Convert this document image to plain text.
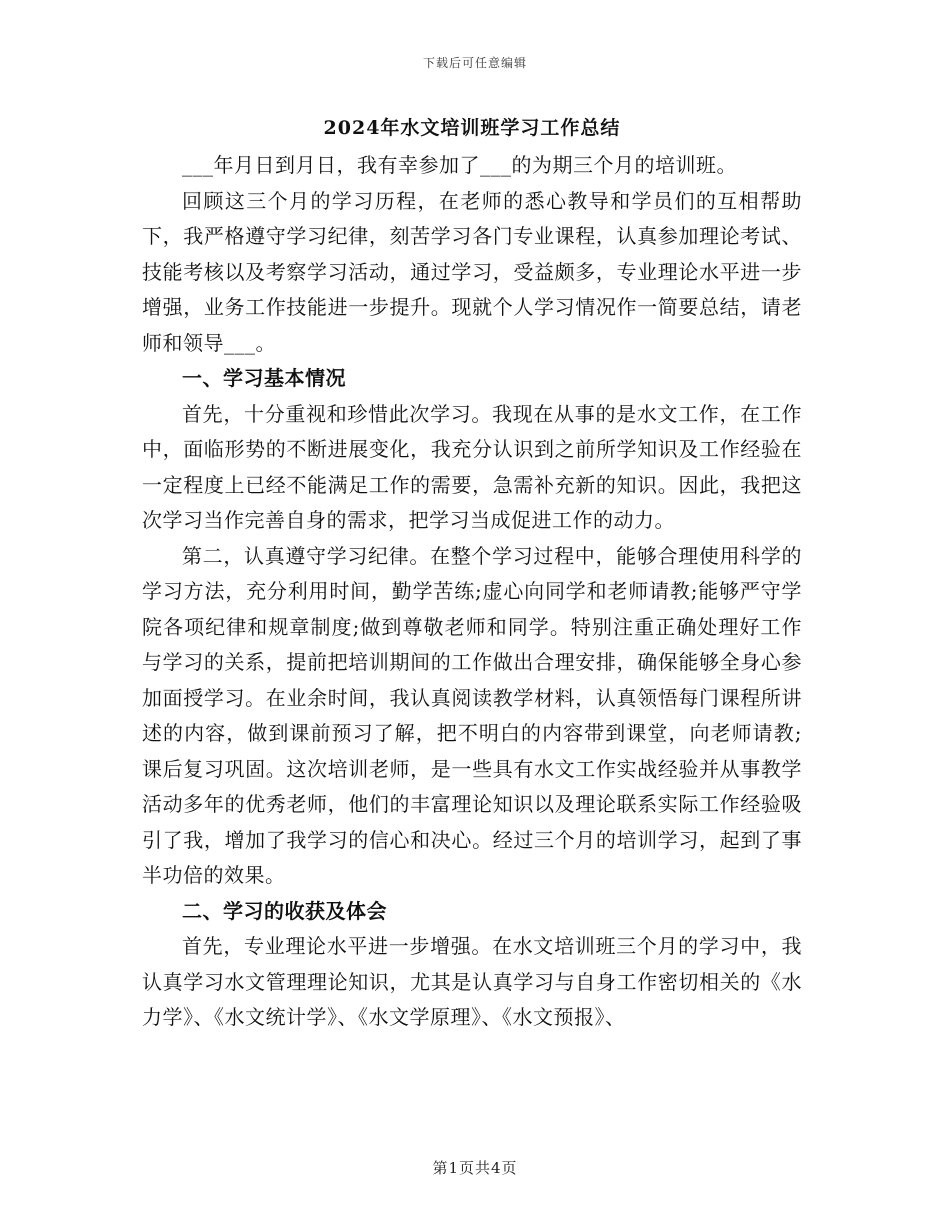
下载后可任意编辑
2024年水文培训班学习工作总结

___年月日到月日，我有幸参加了___的为期三个月的培训班。

回顾这三个月的学习历程，在老师的悉心教导和学员们的互相帮助下，我严格遵守学习纪律，刻苦学习各门专业课程，认真参加理论考试、技能考核以及考察学习活动，通过学习，受益颇多，专业理论水平进一步增强，业务工作技能进一步提升。现就个人学习情况作一简要总结，请老师和领导___。

一、学习基本情况

首先，十分重视和珍惜此次学习。我现在从事的是水文工作，在工作中，面临形势的不断进展变化，我充分认识到之前所学知识及工作经验在一定程度上已经不能满足工作的需要，急需补充新的知识。因此，我把这次学习当作完善自身的需求，把学习当成促进工作的动力。

第二，认真遵守学习纪律。在整个学习过程中，能够合理使用科学的学习方法，充分利用时间，勤学苦练;虚心向同学和老师请教;能够严守学院各项纪律和规章制度;做到尊敬老师和同学。特别注重正确处理好工作与学习的关系，提前把培训期间的工作做出合理安排，确保能够全身心参加面授学习。在业余时间，我认真阅读教学材料，认真领悟每门课程所讲述的内容，做到课前预习了解，把不明白的内容带到课堂，向老师请教;课后复习巩固。这次培训老师，是一些具有水文工作实战经验并从事教学活动多年的优秀老师，他们的丰富理论知识以及理论联系实际工作经验吸引了我，增加了我学习的信心和决心。经过三个月的培训学习，起到了事半功倍的效果。

二、学习的收获及体会

首先，专业理论水平进一步增强。在水文培训班三个月的学习中，我认真学习水文管理理论知识，尤其是认真学习与自身工作密切相关的《水力学》、《水文统计学》、《水文学原理》、《水文预报》、

第1页共4页
